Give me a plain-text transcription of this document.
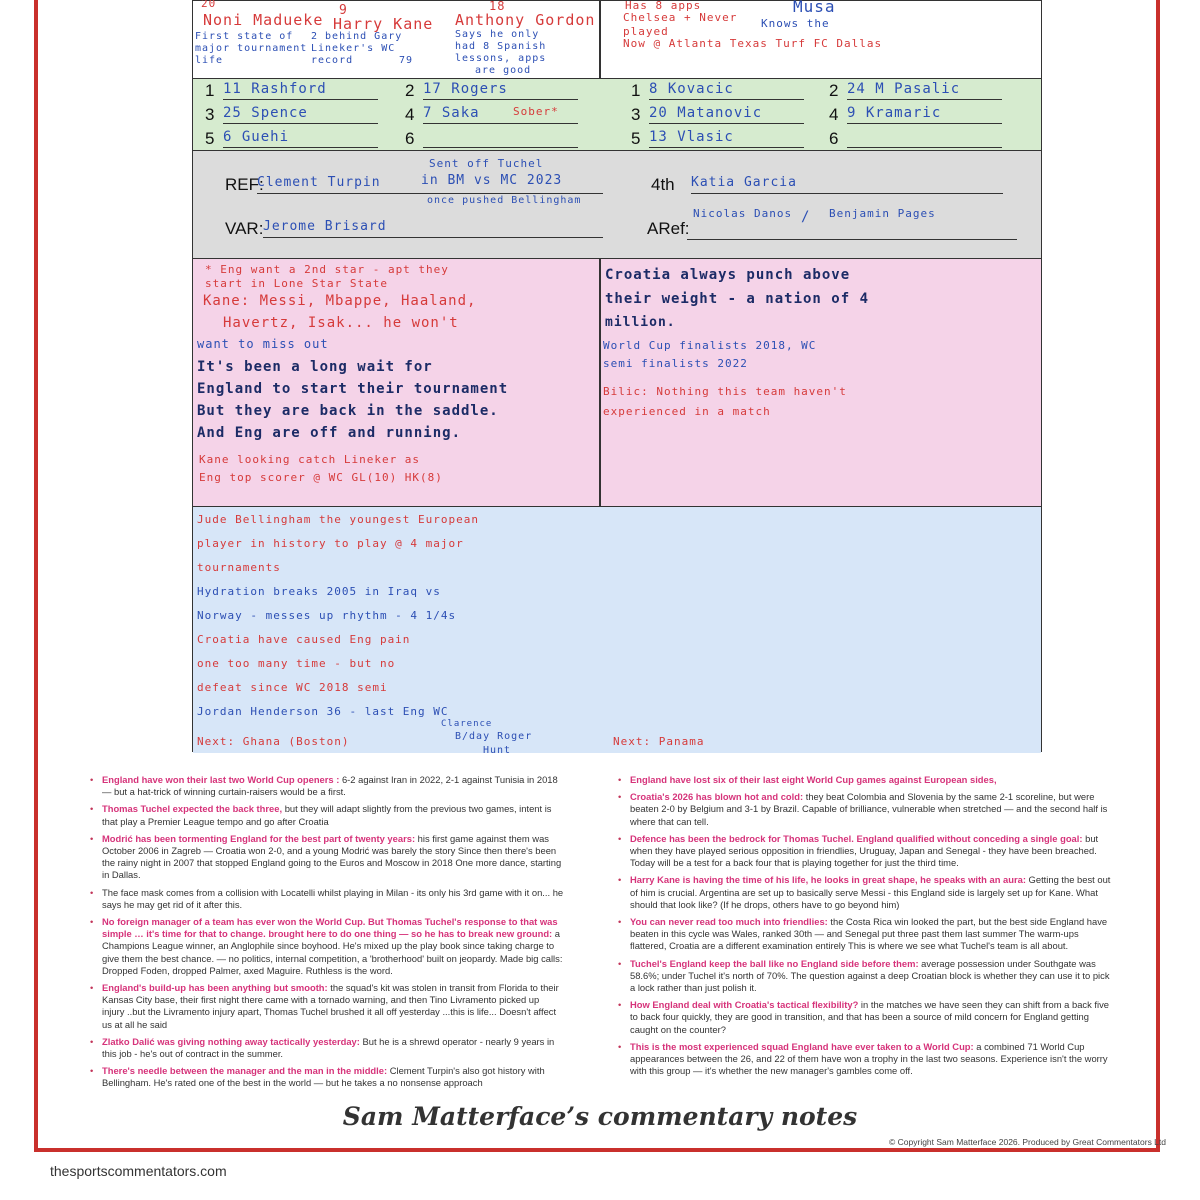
20
Noni Madueke
First state of
major tournament
life
9
Harry Kane
2 behind Gary
Lineker's WC
record	79
18
Anthony Gordon
Says he only
had 8 Spanish
lessons, apps
are good
Has 8 apps
Chelsea + Never
played
Now @ Atlanta Texas Turf FC Dallas
Musa
Knows the
REF:
Clement Turpin
Sent off Tuchel
in BM vs MC 2023
once pushed Bellingham
4th Katia Garcia
VAR: Jerome Brisard	ARef:
Nicolas Danos / Benjamin Pages
1 11 Rashford	2 17 Rogers
3 25 Spence	4 7 Saka	Sober*
5 6 Guehi	6
1 8 Kovacic	2 24 M Pasalic
3 20 Matanovic	4 9 Kramaric
5 13 Vlasic	6
* Eng want a 2nd star - apt they
start in Lone Star State
Kane: Messi, Mbappe, Haaland,
Havertz, Isak... he won't
want to miss out
It's been a long wait for
England to start their tournament
But they are back in the saddle.
And Eng are off and running.
Kane looking catch Lineker as
Eng top scorer @ WC GL(10) HK(8)
Croatia always punch above
their weight - a nation of 4
million.
World Cup finalists 2018, WC
semi finalists 2022
Bilic: Nothing this team haven't
experienced in a match
Jude Bellingham the youngest European
player in history to play @ 4 major
tournaments
Hydration breaks 2005 in Iraq vs
Norway - messes up rhythm - 4 1/4s
Croatia have caused Eng pain
one too many time - but no
defeat since WC 2018 semi
Jordan Henderson 36 - last Eng WC
Clarence
Next: Ghana (Boston)	B/day Roger
Hunt
Next: Panama
• England have won their last two World Cup openers : 6-2 against Iran in 2022, 2-1 against Tunisia in 2018 — but a hat-trick of winning curtain-raisers would be a first.
• Thomas Tuchel expected the back three, but they will adapt slightly from the previous two games, intent is that play a Premier League tempo and go after Croatia
• Modrić has been tormenting England for the best part of twenty years: his first game against them was October 2006 in Zagreb — Croatia won 2-0, and a young Modrić was barely the story Since then there's been the rainy night in 2007 that stopped England going to the Euros and Moscow in 2018 One more dance, starting in Dallas.
• The face mask comes from a collision with Locatelli whilst playing in Milan - its only his 3rd game with it on... he says he may get rid of it after this.
• No foreign manager of a team has ever won the World Cup. But Thomas Tuchel's response to that was simple … it's time for that to change. brought here to do one thing — so he has to break new ground: a Champions League winner, an Anglophile since boyhood. He's mixed up the play book since taking charge to give them the best chance. — no politics, internal competition, a 'brotherhood' built on jeopardy. Made big calls: Dropped Foden, dropped Palmer, axed Maguire. Ruthless is the word.
• England's build-up has been anything but smooth: the squad's kit was stolen in transit from Florida to their Kansas City base, their first night there came with a tornado warning, and then Tino Livramento picked up injury ..but the Livramento injury apart, Thomas Tuchel brushed it all off yesterday ...this is life... Doesn't affect us at all he said
• Zlatko Dalić was giving nothing away tactically yesterday: But he is a shrewd operator - nearly 9 years in this job - he's out of contract in the summer.
• There's needle between the manager and the man in the middle: Clement Turpin's also got history with Bellingham. He's rated one of the best in the world — but he takes a no nonsense approach
• England have lost six of their last eight World Cup games against European sides,
• Croatia's 2026 has blown hot and cold: they beat Colombia and Slovenia by the same 2-1 scoreline, but were beaten 2-0 by Belgium and 3-1 by Brazil. Capable of brilliance, vulnerable when stretched — and the second half is where that can tell.
• Defence has been the bedrock for Thomas Tuchel. England qualified without conceding a single goal: but when they have played serious opposition in friendlies, Uruguay, Japan and Senegal - they have been breached. Today will be a test for a back four that is playing together for just the third time.
• Harry Kane is having the time of his life, he looks in great shape, he speaks with an aura: Getting the best out of him is crucial. Argentina are set up to basically serve Messi - this England side is largely set up for Kane. What should that look like? (If he drops, others have to go beyond him)
• You can never read too much into friendlies: the Costa Rica win looked the part, but the best side England have beaten in this cycle was Wales, ranked 30th — and Senegal put three past them last summer The warm-ups flattered, Croatia are a different examination entirely This is where we see what Tuchel's team is all about.
• Tuchel's England keep the ball like no England side before them: average possession under Southgate was 58.6%; under Tuchel it's north of 70%. The question against a deep Croatian block is whether they can use it to pick a lock rather than just polish it.
• How England deal with Croatia's tactical flexibility? in the matches we have seen they can shift from a back five to back four quickly, they are good in transition, and that has been a source of mild concern for England getting caught on the counter?
• This is the most experienced squad England have ever taken to a World Cup: a combined 71 World Cup appearances between the 26, and 22 of them have won a trophy in the last two seasons. Experience isn't the worry with this group — it's whether the new manager's gambles come off.
Sam Matterface’s commentary notes
© Copyright Sam Matterface 2026. Produced by Great Commentators Ltd
thesportscommentators.com
